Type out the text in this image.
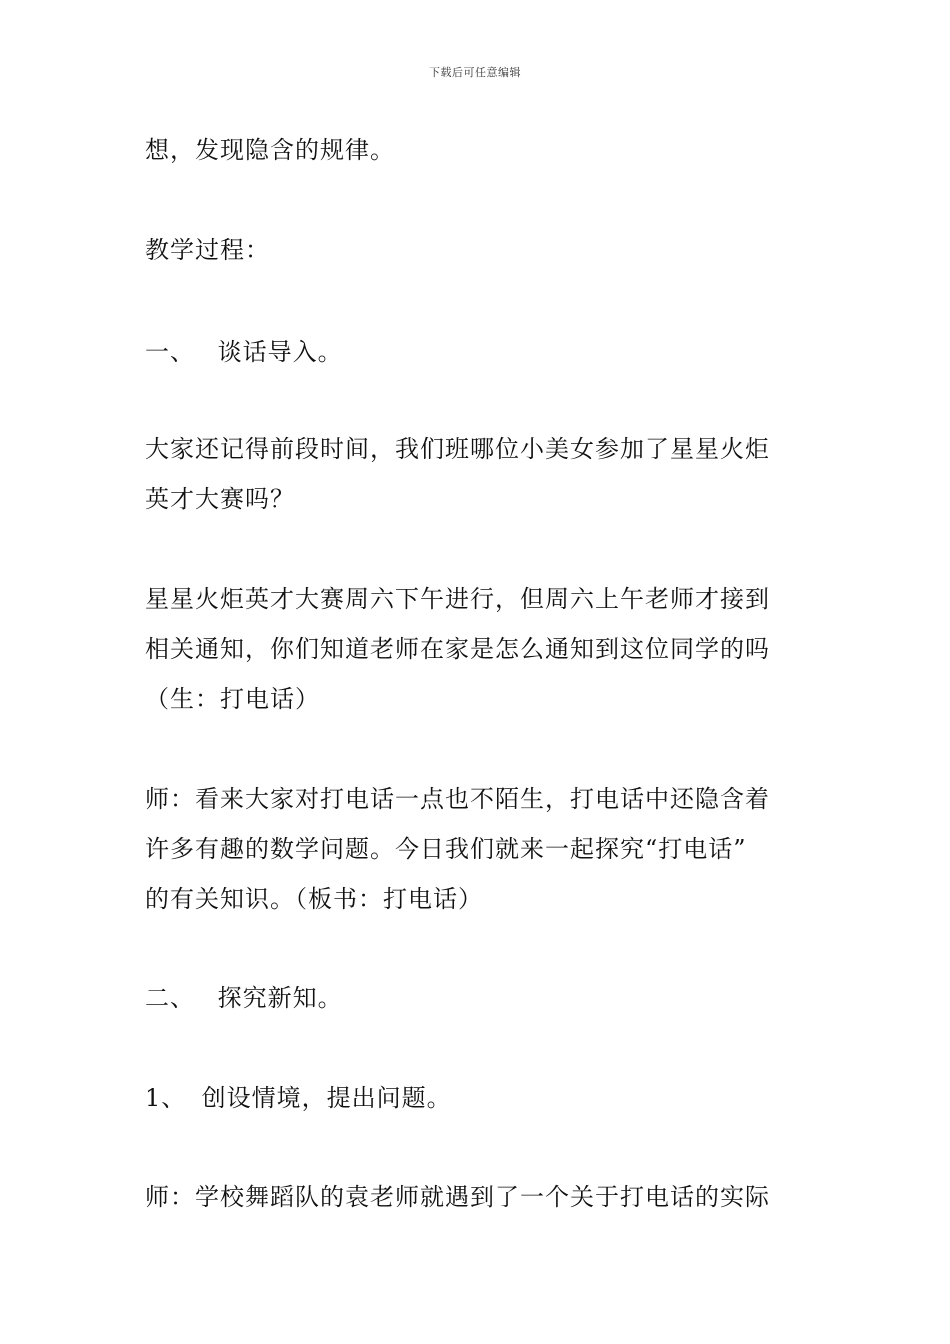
下载后可任意编辑
想，发现隐含的规律。
教学过程：
一、 谈话导入。
大家还记得前段时间，我们班哪位小美女参加了星星火炬
英才大赛吗？
星星火炬英才大赛周六下午进行，但周六上午老师才接到
相关通知，你们知道老师在家是怎么通知到这位同学的吗
（生：打电话）
师：看来大家对打电话一点也不陌生，打电话中还隐含着
许多有趣的数学问题。今日我们就来一起探究“打电话”
的有关知识。（板书：打电话）
二、 探究新知。
1、 创设情境，提出问题。
师：学校舞蹈队的袁老师就遇到了一个关于打电话的实际
